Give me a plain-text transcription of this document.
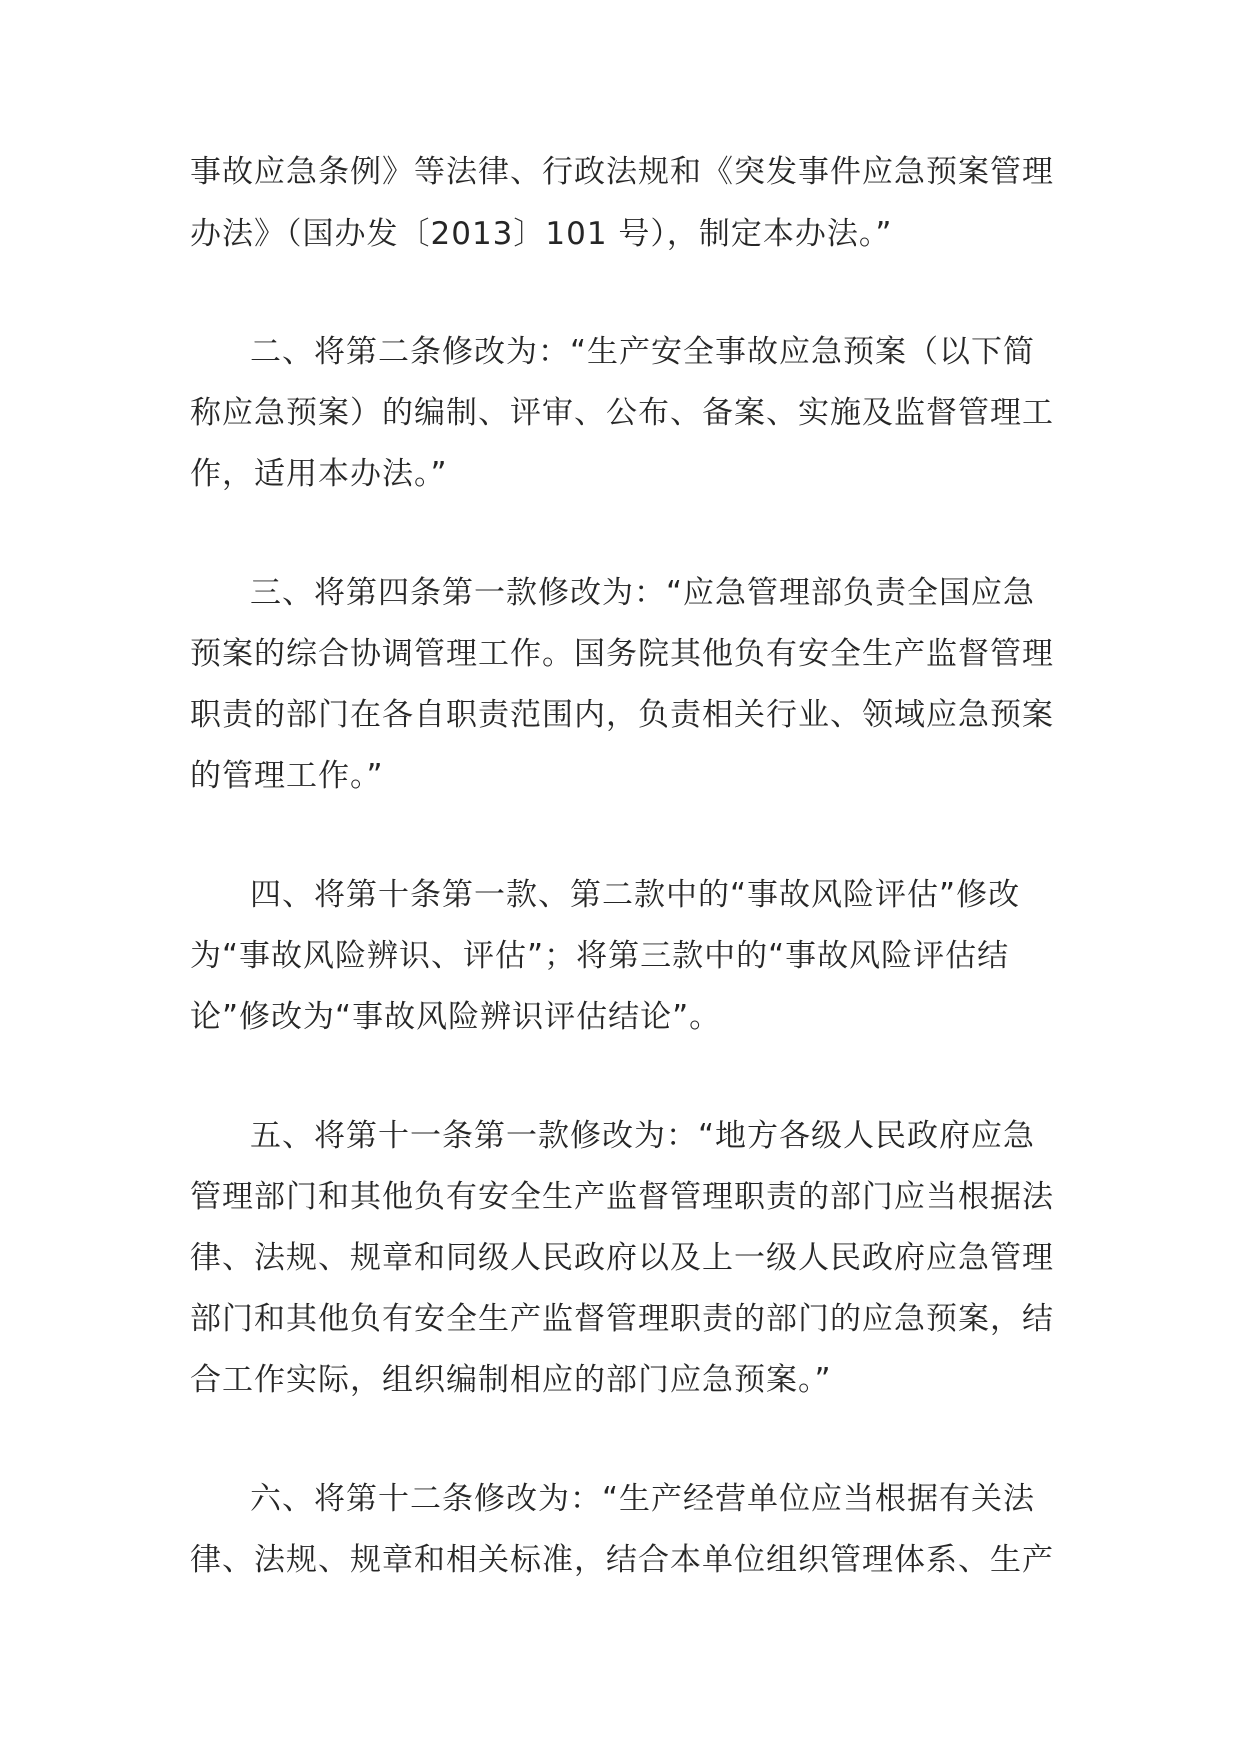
事故应急条例》等法律、行政法规和《突发事件应急预案管理
办法》（国办发〔2013〕101 号），制定本办法。”
二、将第二条修改为：“生产安全事故应急预案（以下简
称应急预案）的编制、评审、公布、备案、实施及监督管理工
作，适用本办法。”
三、将第四条第一款修改为：“应急管理部负责全国应急
预案的综合协调管理工作。国务院其他负有安全生产监督管理
职责的部门在各自职责范围内，负责相关行业、领域应急预案
的管理工作。”
四、将第十条第一款、第二款中的“事故风险评估”修改
为“事故风险辨识、评估”；将第三款中的“事故风险评估结
论”修改为“事故风险辨识评估结论”。
五、将第十一条第一款修改为：“地方各级人民政府应急
管理部门和其他负有安全生产监督管理职责的部门应当根据法
律、法规、规章和同级人民政府以及上一级人民政府应急管理
部门和其他负有安全生产监督管理职责的部门的应急预案，结
合工作实际，组织编制相应的部门应急预案。”
六、将第十二条修改为：“生产经营单位应当根据有关法
律、法规、规章和相关标准，结合本单位组织管理体系、生产
